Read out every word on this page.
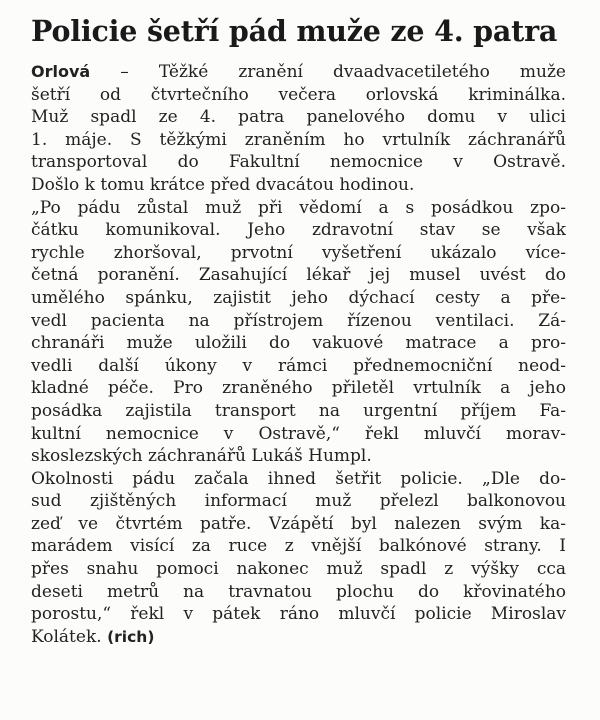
Policie šetří pád muže ze 4. patra
Orlová – Těžké zranění dvaadvacetiletého muže
šetří od čtvrtečního večera orlovská kriminálka.
Muž spadl ze 4. patra panelového domu v ulici
1. máje. S těžkými zraněním ho vrtulník záchranářů
transportoval do Fakultní nemocnice v Ostravě.
Došlo k tomu krátce před dvacátou hodinou.
„Po pádu zůstal muž při vědomí a s posádkou zpo-
čátku komunikoval. Jeho zdravotní stav se však
rychle zhoršoval, prvotní vyšetření ukázalo více-
četná poranění. Zasahující lékař jej musel uvést do
umělého spánku, zajistit jeho dýchací cesty a pře-
vedl pacienta na přístrojem řízenou ventilaci. Zá-
chranáři muže uložili do vakuové matrace a pro-
vedli další úkony v rámci přednemocniční neod-
kladné péče. Pro zraněného přiletěl vrtulník a jeho
posádka zajistila transport na urgentní příjem Fa-
kultní nemocnice v Ostravě,“ řekl mluvčí morav-
skoslezských záchranářů Lukáš Humpl.
Okolnosti pádu začala ihned šetřit policie. „Dle do-
sud zjištěných informací muž přelezl balkonovou
zeď ve čtvrtém patře. Vzápětí byl nalezen svým ka-
marádem visící za ruce z vnější balkónové strany. I
přes snahu pomoci nakonec muž spadl z výšky cca
deseti metrů na travnatou plochu do křovinatého
porostu,“ řekl v pátek ráno mluvčí policie Miroslav
Kolátek. (rich)
